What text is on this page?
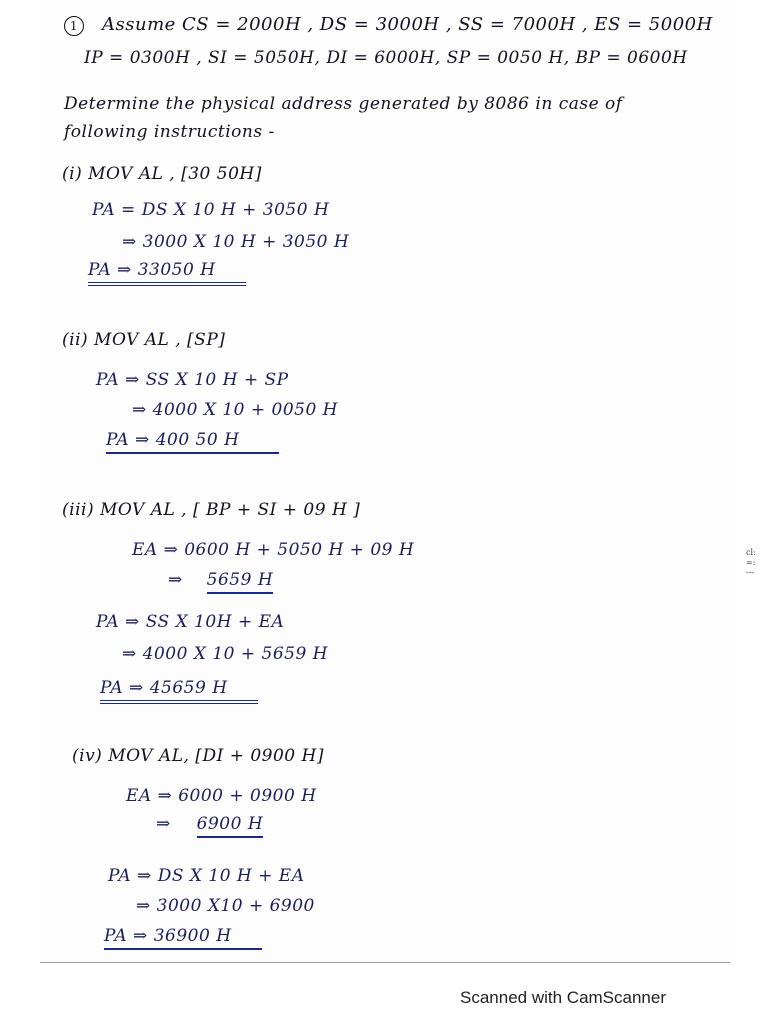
1 Assume CS = 2000H , DS = 3000H , SS = 7000H , ES = 5000H
IP = 0300H , SI = 5050H, DI = 6000H, SP = 0050 H, BP = 0600H
Determine the physical address generated by 8086 in case of
following instructions -
(i) MOV AL , [30 50H]
PA = DS X 10 H + 3050 H
⇒ 3000 X 10 H + 3050 H
PA ⇒ 33050 H
(ii) MOV AL , [SP]
PA ⇒ SS X 10 H + SP
⇒ 4000 X 10 + 0050 H
PA ⇒ 400 50 H
(iii) MOV AL , [ BP + SI + 09 H ]
EA ⇒ 0600 H + 5050 H + 09 H
⇒ 5659 H
PA ⇒ SS X 10H + EA
⇒ 4000 X 10 + 5659 H
PA ⇒ 45659 H
(iv) MOV AL, [DI + 0900 H]
EA ⇒ 6000 + 0900 H
⇒ 6900 H
PA ⇒ DS X 10 H + EA
⇒ 3000 X10 + 6900
PA ⇒ 36900 H
cl: =: ---
Scanned with CamScanner
